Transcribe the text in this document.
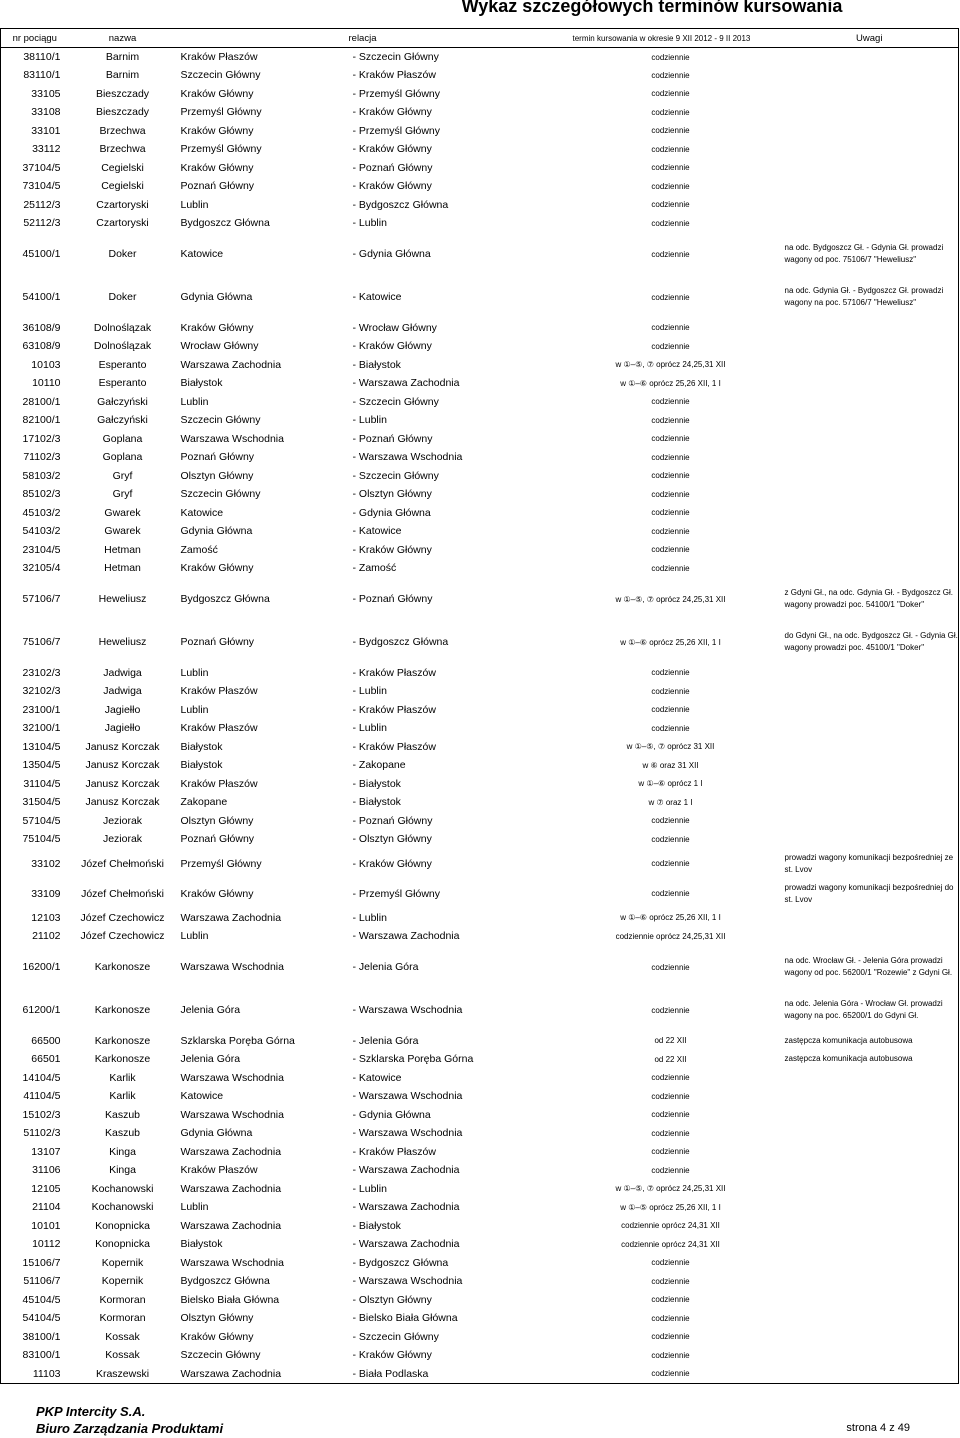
Wykaz szczegółowych terminów kursowania
nr pociągu	nazwa	relacja		termin kursowania w okresie 9 XII 2012 - 9 II 2013	Uwagi
38110/1	Barnim	Kraków Płaszów	- Szczecin Główny	codziennie	
83110/1	Barnim	Szczecin Główny	- Kraków Płaszów	codziennie	
33105	Bieszczady	Kraków Główny	- Przemyśl Główny	codziennie	
33108	Bieszczady	Przemyśl Główny	- Kraków Główny	codziennie	
33101	Brzechwa	Kraków Główny	- Przemyśl Główny	codziennie	
33112	Brzechwa	Przemyśl Główny	- Kraków Główny	codziennie	
37104/5	Cegielski	Kraków Główny	- Poznań Główny	codziennie	
73104/5	Cegielski	Poznań Główny	- Kraków Główny	codziennie	
25112/3	Czartoryski	Lublin	- Bydgoszcz Główna	codziennie	
52112/3	Czartoryski	Bydgoszcz Główna	- Lublin	codziennie	
45100/1	Doker	Katowice	- Gdynia Główna	codziennie	na odc. Bydgoszcz Gł. - Gdynia Gł. prowadzi wagony od poc. 75106/7 "Heweliusz"
54100/1	Doker	Gdynia Główna	- Katowice	codziennie	na odc. Gdynia Gł. - Bydgoszcz Gł. prowadzi wagony na poc. 57106/7 "Heweliusz"
36108/9	Dolnoślązak	Kraków Główny	- Wrocław Główny	codziennie	
63108/9	Dolnoślązak	Wrocław Główny	- Kraków Główny	codziennie	
10103	Esperanto	Warszawa Zachodnia	- Białystok	w ①–⑤, ⑦ oprócz 24,25,31 XII	
10110	Esperanto	Białystok	- Warszawa Zachodnia	w ①–⑥ oprócz 25,26 XII, 1 I	
28100/1	Gałczyński	Lublin	- Szczecin Główny	codziennie	
82100/1	Gałczyński	Szczecin Główny	- Lublin	codziennie	
17102/3	Goplana	Warszawa Wschodnia	- Poznań Główny	codziennie	
71102/3	Goplana	Poznań Główny	- Warszawa Wschodnia	codziennie	
58103/2	Gryf	Olsztyn Główny	- Szczecin Główny	codziennie	
85102/3	Gryf	Szczecin Główny	- Olsztyn Główny	codziennie	
45103/2	Gwarek	Katowice	- Gdynia Główna	codziennie	
54103/2	Gwarek	Gdynia Główna	- Katowice	codziennie	
23104/5	Hetman	Zamość	- Kraków Główny	codziennie	
32105/4	Hetman	Kraków Główny	- Zamość	codziennie	
57106/7	Heweliusz	Bydgoszcz Główna	- Poznań Główny	w ①–⑤, ⑦ oprócz 24,25,31 XII	z Gdyni Gł., na odc. Gdynia Gł. - Bydgoszcz Gł. wagony prowadzi poc. 54100/1 "Doker"
75106/7	Heweliusz	Poznań Główny	- Bydgoszcz Główna	w ①–⑥ oprócz 25,26 XII, 1 I	do Gdyni Gł., na odc. Bydgoszcz Gł. - Gdynia Gł. wagony prowadzi poc. 45100/1 "Doker"
23102/3	Jadwiga	Lublin	- Kraków Płaszów	codziennie	
32102/3	Jadwiga	Kraków Płaszów	- Lublin	codziennie	
23100/1	Jagiełło	Lublin	- Kraków Płaszów	codziennie	
32100/1	Jagiełło	Kraków Płaszów	- Lublin	codziennie	
13104/5	Janusz Korczak	Białystok	- Kraków Płaszów	w ①–⑤, ⑦ oprócz 31 XII	
13504/5	Janusz Korczak	Białystok	- Zakopane	w ⑥ oraz 31 XII	
31104/5	Janusz Korczak	Kraków Płaszów	- Białystok	w ①–⑥ oprócz 1 I	
31504/5	Janusz Korczak	Zakopane	- Białystok	w ⑦ oraz 1 I	
57104/5	Jeziorak	Olsztyn Główny	- Poznań Główny	codziennie	
75104/5	Jeziorak	Poznań Główny	- Olsztyn Główny	codziennie	
33102	Józef Chełmoński	Przemyśl Główny	- Kraków Główny	codziennie	prowadzi wagony komunikacji bezpośredniej ze st. Lvov
33109	Józef Chełmoński	Kraków Główny	- Przemyśl Główny	codziennie	prowadzi wagony komunikacji bezpośredniej do st. Lvov
12103	Józef Czechowicz	Warszawa Zachodnia	- Lublin	w ①–⑥ oprócz 25,26 XII, 1 I	
21102	Józef Czechowicz	Lublin	- Warszawa Zachodnia	codziennie oprócz 24,25,31 XII	
16200/1	Karkonosze	Warszawa Wschodnia	- Jelenia Góra	codziennie	na odc. Wrocław Gł. - Jelenia Góra prowadzi wagony od poc. 56200/1 "Rozewie" z Gdyni Gł.
61200/1	Karkonosze	Jelenia Góra	- Warszawa Wschodnia	codziennie	na odc. Jelenia Góra - Wrocław Gł. prowadzi wagony na poc. 65200/1 do Gdyni Gł.
66500	Karkonosze	Szklarska Poręba Górna	- Jelenia Góra	od 22 XII	zastępcza komunikacja autobusowa
66501	Karkonosze	Jelenia Góra	- Szklarska Poręba Górna	od 22 XII	zastępcza komunikacja autobusowa
14104/5	Karlik	Warszawa Wschodnia	- Katowice	codziennie	
41104/5	Karlik	Katowice	- Warszawa Wschodnia	codziennie	
15102/3	Kaszub	Warszawa Wschodnia	- Gdynia Główna	codziennie	
51102/3	Kaszub	Gdynia Główna	- Warszawa Wschodnia	codziennie	
13107	Kinga	Warszawa Zachodnia	- Kraków Płaszów	codziennie	
31106	Kinga	Kraków Płaszów	- Warszawa Zachodnia	codziennie	
12105	Kochanowski	Warszawa Zachodnia	- Lublin	w ①–⑤, ⑦ oprócz 24,25,31 XII	
21104	Kochanowski	Lublin	- Warszawa Zachodnia	w ①–⑤ oprócz 25,26 XII, 1 I	
10101	Konopnicka	Warszawa Zachodnia	- Białystok	codziennie oprócz 24,31 XII	
10112	Konopnicka	Białystok	- Warszawa Zachodnia	codziennie oprócz 24,31 XII	
15106/7	Kopernik	Warszawa Wschodnia	- Bydgoszcz Główna	codziennie	
51106/7	Kopernik	Bydgoszcz Główna	- Warszawa Wschodnia	codziennie	
45104/5	Kormoran	Bielsko Biała Główna	- Olsztyn Główny	codziennie	
54104/5	Kormoran	Olsztyn Główny	- Bielsko Biała Główna	codziennie	
38100/1	Kossak	Kraków Główny	- Szczecin Główny	codziennie	
83100/1	Kossak	Szczecin Główny	- Kraków Główny	codziennie	
11103	Kraszewski	Warszawa Zachodnia	- Biała Podlaska	codziennie	
PKP Intercity S.A.
Biuro Zarządzania Produktami	strona 4 z 49
